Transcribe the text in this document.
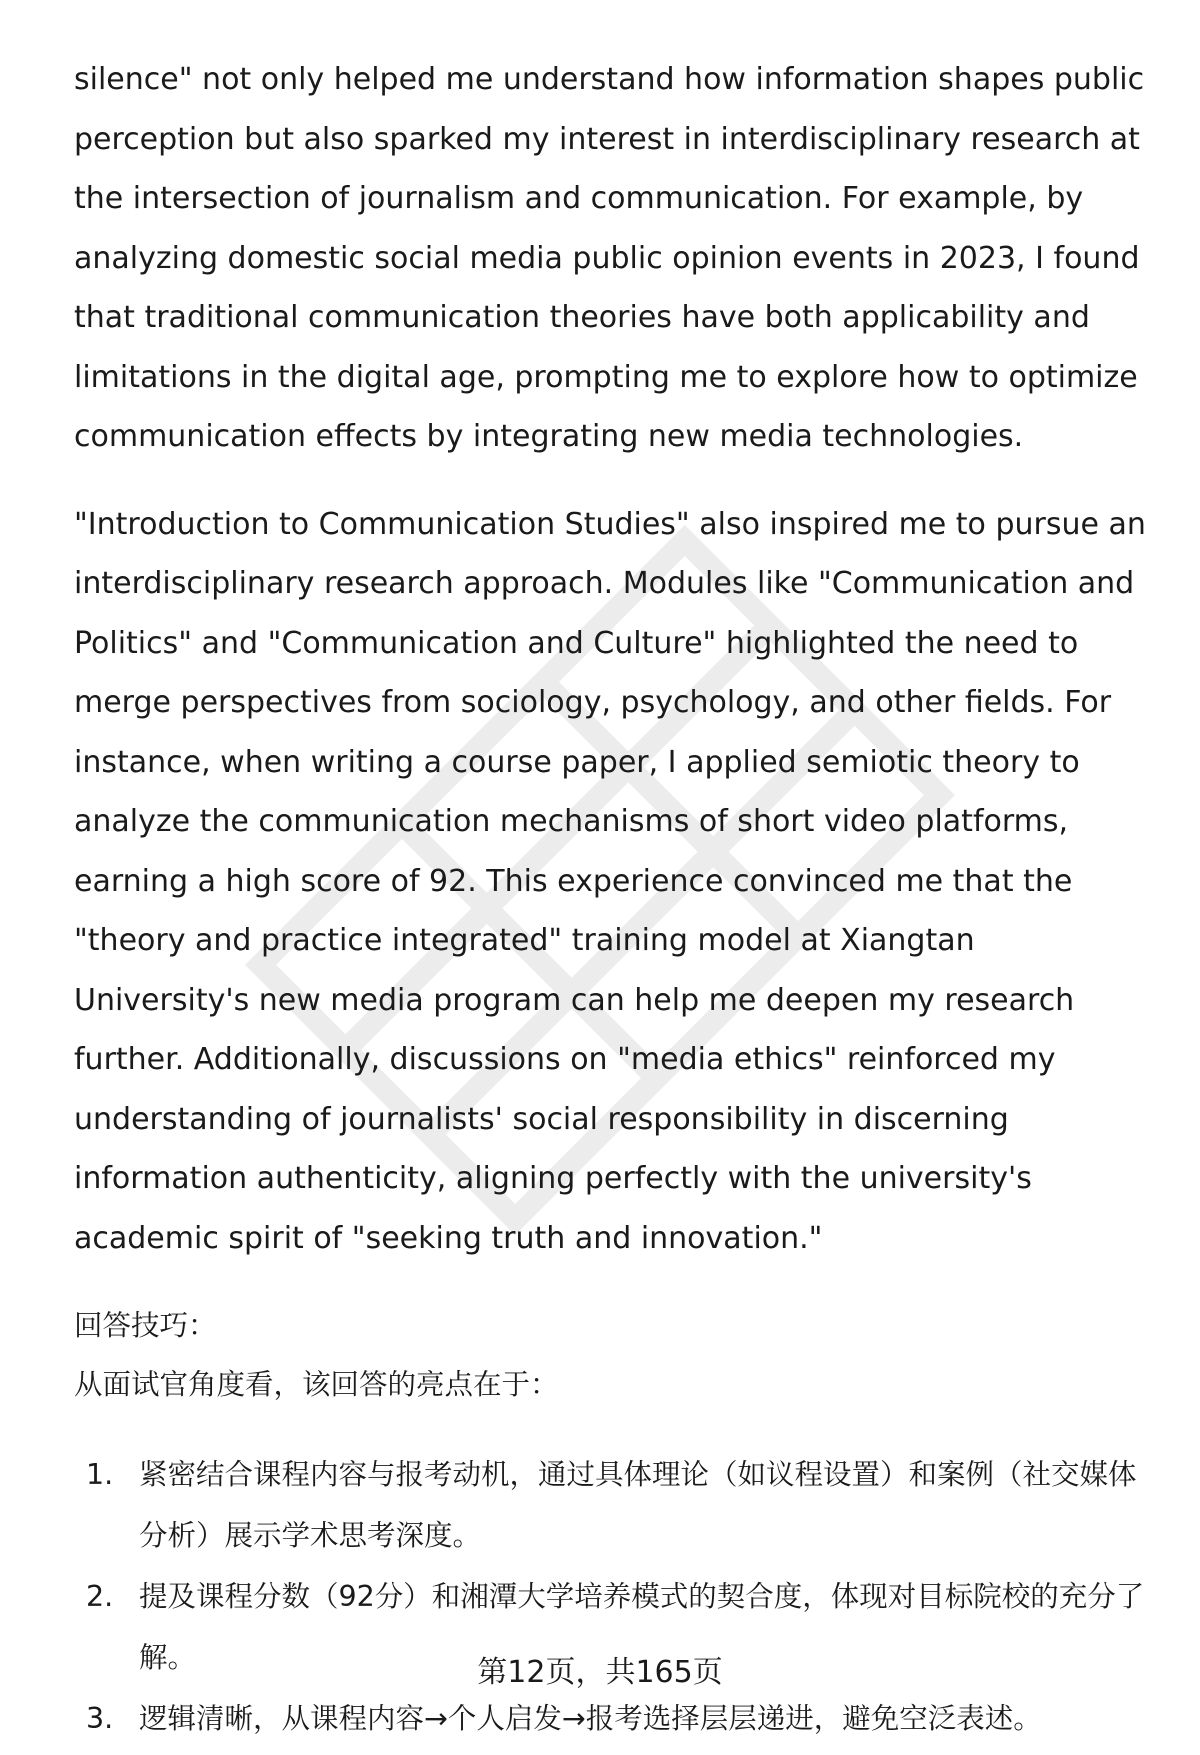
silence" not only helped me understand how information shapes public perception but also sparked my interest in interdisciplinary research at the intersection of journalism and communication. For example, by analyzing domestic social media public opinion events in 2023, I found that traditional communication theories have both applicability and limitations in the digital age, prompting me to explore how to optimize communication effects by integrating new media technologies.

"Introduction to Communication Studies" also inspired me to pursue an interdisciplinary research approach. Modules like "Communication and Politics" and "Communication and Culture" highlighted the need to merge perspectives from sociology, psychology, and other fields. For instance, when writing a course paper, I applied semiotic theory to analyze the communication mechanisms of short video platforms, earning a high score of 92. This experience convinced me that the "theory and practice integrated" training model at Xiangtan University's new media program can help me deepen my research further. Additionally, discussions on "media ethics" reinforced my understanding of journalists' social responsibility in discerning information authenticity, aligning perfectly with the university's academic spirit of "seeking truth and innovation."

回答技巧：

从面试官角度看，该回答的亮点在于：

1. 紧密结合课程内容与报考动机，通过具体理论（如议程设置）和案例（社交媒体分析）展示学术思考深度。
2. 提及课程分数（92分）和湘潭大学培养模式的契合度，体现对目标院校的充分了解。
3. 逻辑清晰，从课程内容→个人启发→报考选择层层递进，避免空泛表述。
第12页，共165页
